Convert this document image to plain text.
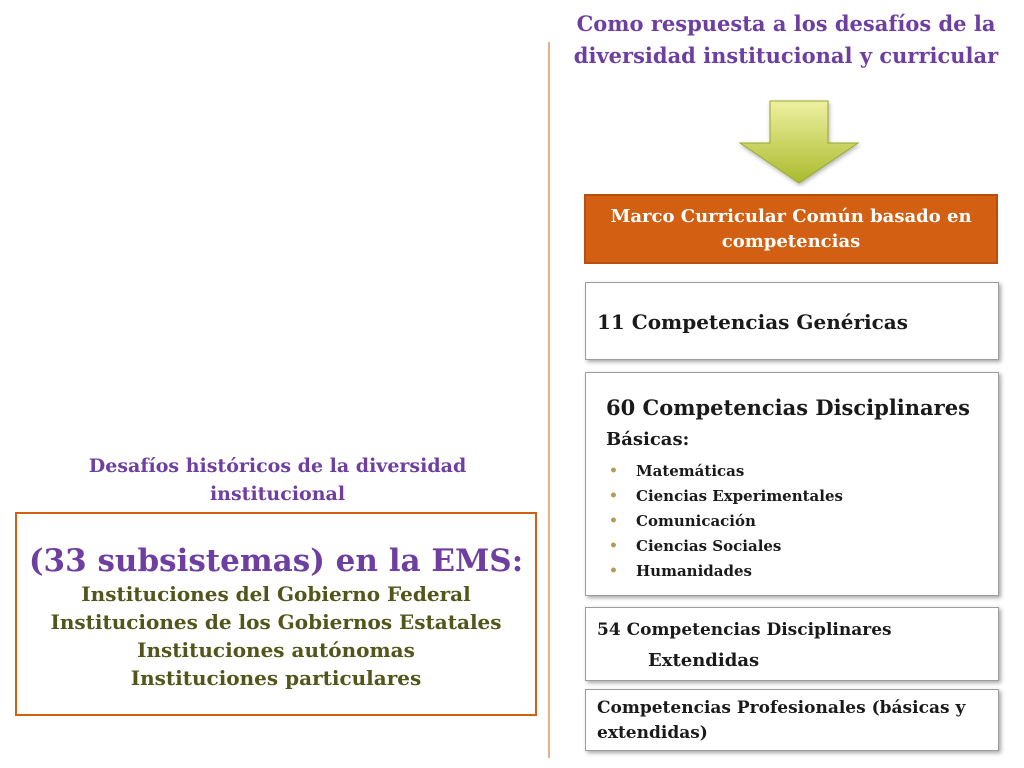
Como respuesta a los desafíos de la diversidad institucional y curricular
Marco Curricular Común basado en competencias
11 Competencias Genéricas
60 Competencias Disciplinares Básicas:
• Matemáticas
• Ciencias Experimentales
• Comunicación
• Ciencias Sociales
• Humanidades
54 Competencias Disciplinares
Extendidas
Competencias Profesionales (básicas y extendidas)
Desafíos históricos de la diversidad institucional
(33 subsistemas) en la EMS:
Instituciones del Gobierno Federal
Instituciones de los Gobiernos Estatales
Instituciones autónomas
Instituciones particulares
